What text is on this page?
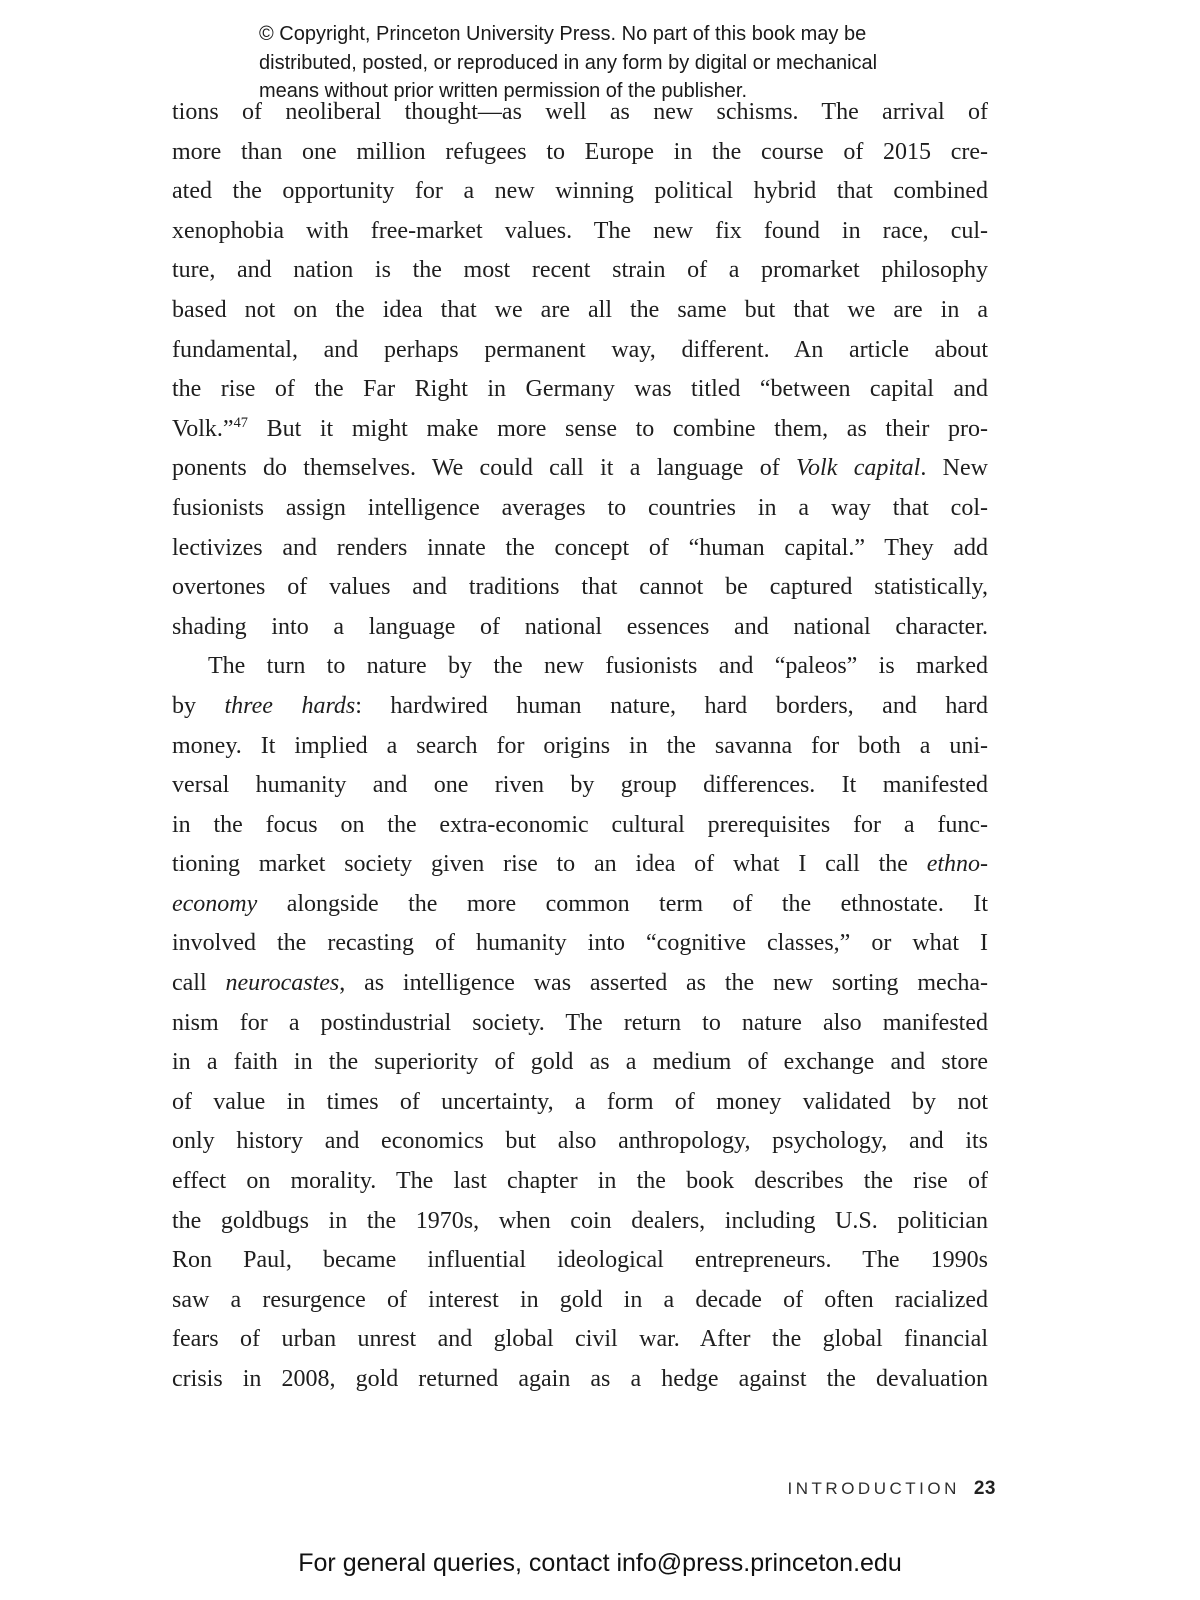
© Copyright, Princeton University Press. No part of this book may be
distributed, posted, or reproduced in any form by digital or mechanical
means without prior written permission of the publisher.
tions of neoliberal thought—as well as new schisms. The arrival of
more than one million refugees to Europe in the course of 2015 cre-
ated the opportunity for a new winning political hybrid that combined
xenophobia with free-market values. The new fix found in race, cul-
ture, and nation is the most recent strain of a promarket philosophy
based not on the idea that we are all the same but that we are in a
fundamental, and perhaps permanent way, different. An article about
the rise of the Far Right in Germany was titled “between capital and
Volk.”$^{47}$ But it might make more sense to combine them, as their pro-
ponents do themselves. We could call it a language of Volk capital. New
fusionists assign intelligence averages to countries in a way that col-
lectivizes and renders innate the concept of “human capital.” They add
overtones of values and traditions that cannot be captured statistically,
shading into a language of national essences and national character.
The turn to nature by the new fusionists and “paleos” is marked
by three hards: hardwired human nature, hard borders, and hard
money. It implied a search for origins in the savanna for both a uni-
versal humanity and one riven by group differences. It manifested
in the focus on the extra-economic cultural prerequisites for a func-
tioning market society given rise to an idea of what I call the ethno-
economy alongside the more common term of the ethnostate. It
involved the recasting of humanity into “cognitive classes,” or what I
call neurocastes, as intelligence was asserted as the new sorting mecha-
nism for a postindustrial society. The return to nature also manifested
in a faith in the superiority of gold as a medium of exchange and store
of value in times of uncertainty, a form of money validated by not
only history and economics but also anthropology, psychology, and its
effect on morality. The last chapter in the book describes the rise of
the goldbugs in the 1970s, when coin dealers, including U.S. politician
Ron Paul, became influential ideological entrepreneurs. The 1990s
saw a resurgence of interest in gold in a decade of often racialized
fears of urban unrest and global civil war. After the global financial
crisis in 2008, gold returned again as a hedge against the devaluation
INTRODUCTION 23
For general queries, contact info@press.princeton.edu
